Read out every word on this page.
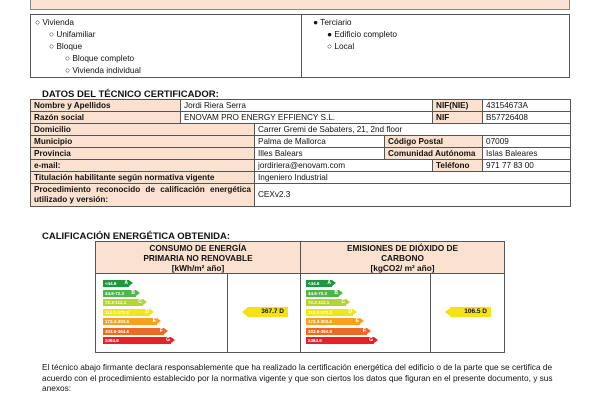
○ Vivienda
○ Unifamiliar
○ Bloque
○ Bloque completo
○ Vivienda individual
● Terciario
● Edificio completo
○ Local
DATOS DEL TÉCNICO CERTIFICADOR:
Nombre y Apellidos	Jordi Riera Serra			NIF(NIE)	43154673A
Razón social	ENOVAM PRO ENERGY EFFIENCY S.L.			NIF	B57726408
Domicilio		Carrer Gremi de Sabaters, 21, 2nd floor			
Municipio		Palma de Mallorca	Código Postal		07009
Provincia		Illes Balears	Comunidad Autónoma		Islas Baleares
e-mail:		jordiriera@enovam.com		Teléfono	971 77 83 00
Titulación habilitante según normativa vigente		Ingeniero Industrial			
Procedimiento reconocido de calificación energética utilizado y versión:		CEXv2.3			
CALIFICACIÓN ENERGÉTICA OBTENIDA:
CONSUMO DE ENERGÍA
PRIMARIA NO RENOVABLE
[kWh/m² año]
EMISIONES DE DIÓXIDO DE
CARBONO
[kgCO2/ m² año]
<44.6 A
44.6-72.3 B
72.3-112.1 C
112.1-172.3	D
172.3-303.6	E
303.6-364.6	F
≥364.6	G
<44.6 A
44.6-72.3 B
72.3-112.1 C
112.1-172.3	D
172.3-303.6	E
303.6-364.6	F
≥364.6	G
367.7 D	106.5 D
El técnico abajo firmante declara responsablemente que ha realizado la certificación energética del edificio o de la parte que se certifica de acuerdo con el procedimiento establecido por la normativa vigente y que son ciertos los datos que figuran en el presente documento, y sus anexos:
